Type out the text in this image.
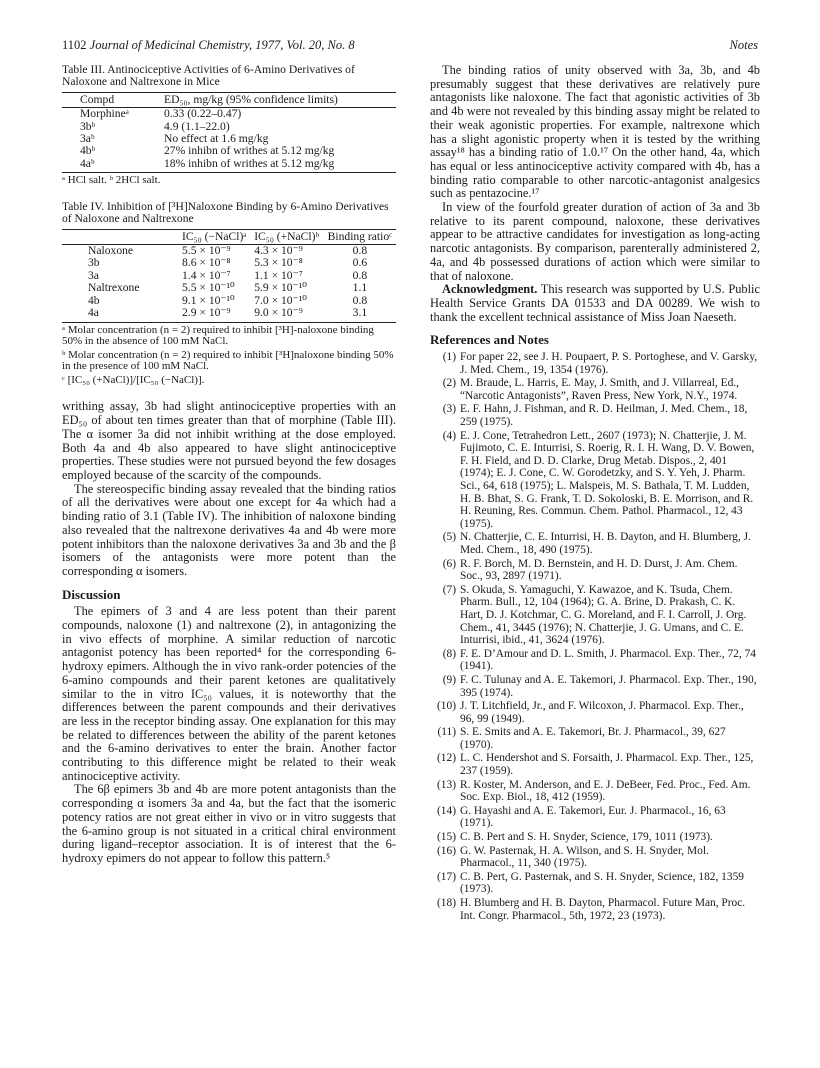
1102 Journal of Medicinal Chemistry, 1977, Vol. 20, No. 8	Notes
Table III. Antinociceptive Activities of 6-Amino Derivatives of Naloxone and Naltrexone in Mice
Compd	ED₅₀, mg/kg (95% confidence limits)
Morphineᵃ	0.33 (0.22–0.47)
3bᵇ	4.9 (1.1–22.0)
3aᵇ	No effect at 1.6 mg/kg
4bᵇ	27% inhibn of writhes at 5.12 mg/kg
4aᵇ	18% inhibn of writhes at 5.12 mg/kg
ᵃ HCl salt. ᵇ 2HCl salt.
Table IV. Inhibition of [³H]Naloxone Binding by 6-Amino Derivatives of Naloxone and Naltrexone
	IC₅₀ (−NaCl)ᵃ	IC₅₀ (+NaCl)ᵇ	Binding ratioᶜ
Naloxone	5.5 × 10⁻⁹	4.3 × 10⁻⁹	0.8
3b	8.6 × 10⁻⁸	5.3 × 10⁻⁸	0.6
3a	1.4 × 10⁻⁷	1.1 × 10⁻⁷	0.8
Naltrexone	5.5 × 10⁻¹⁰	5.9 × 10⁻¹⁰	1.1
4b	9.1 × 10⁻¹⁰	7.0 × 10⁻¹⁰	0.8
4a	2.9 × 10⁻⁹	9.0 × 10⁻⁹	3.1
ᵃ Molar concentration (n = 2) required to inhibit [³H]-naloxone binding 50% in the absence of 100 mM NaCl.
ᵇ Molar concentration (n = 2) required to inhibit [³H]naloxone binding 50% in the presence of 100 mM NaCl.
ᶜ [IC₅₀ (+NaCl)]/[IC₅₀ (−NaCl)].

writhing assay, 3b had slight antinociceptive properties with an ED₅₀ of about ten times greater than that of morphine (Table III). The α isomer 3a did not inhibit writhing at the dose employed. Both 4a and 4b also appeared to have slight antinociceptive properties. These studies were not pursued beyond the few dosages employed because of the scarcity of the compounds.

The stereospecific binding assay revealed that the binding ratios of all the derivatives were about one except for 4a which had a binding ratio of 3.1 (Table IV). The inhibition of naloxone binding also revealed that the naltrexone derivatives 4a and 4b were more potent inhibitors than the naloxone derivatives 3a and 3b and the β isomers of the antagonists were more potent than the corresponding α isomers.

Discussion

The epimers of 3 and 4 are less potent than their parent compounds, naloxone (1) and naltrexone (2), in antagonizing the in vivo effects of morphine. A similar reduction of narcotic antagonist potency has been reported⁴ for the corresponding 6-hydroxy epimers. Although the in vivo rank-order potencies of the 6-amino compounds and their parent ketones are qualitatively similar to the in vitro IC₅₀ values, it is noteworthy that the differences between the parent compounds and their derivatives are less in the receptor binding assay. One explanation for this may be related to differences between the ability of the parent ketones and the 6-amino derivatives to enter the brain. Another factor contributing to this difference might be related to their weak antinociceptive activity.

The 6β epimers 3b and 4b are more potent antagonists than the corresponding α isomers 3a and 4a, but the fact that the isomeric potency ratios are not great either in vivo or in vitro suggests that the 6-amino group is not situated in a critical chiral environment during ligand–receptor association. It is of interest that the 6-hydroxy epimers do not appear to follow this pattern.⁵

The binding ratios of unity observed with 3a, 3b, and 4b presumably suggest that these derivatives are relatively pure antagonists like naloxone. The fact that agonistic activities of 3b and 4b were not revealed by this binding assay might be related to their weak agonistic properties. For example, naltrexone which has a slight agonistic property when it is tested by the writhing assay¹⁸ has a binding ratio of 1.0.¹⁷ On the other hand, 4a, which has equal or less antinociceptive activity compared with 4b, has a binding ratio comparable to other narcotic-antagonist analgesics such as pentazocine.¹⁷

In view of the fourfold greater duration of action of 3a and 3b relative to its parent compound, naloxone, these derivatives appear to be attractive candidates for investigation as long-acting narcotic antagonists. By comparison, parenterally administered 2, 4a, and 4b possessed durations of action which were similar to that of naloxone.

Acknowledgment. This research was supported by U.S. Public Health Service Grants DA 01533 and DA 00289. We wish to thank the excellent technical assistance of Miss Joan Naeseth.

References and Notes
(1) For paper 22, see J. H. Poupaert, P. S. Portoghese, and V. Garsky, J. Med. Chem., 19, 1354 (1976).
(2) M. Braude, L. Harris, E. May, J. Smith, and J. Villarreal, Ed., “Narcotic Antagonists”, Raven Press, New York, N.Y., 1974.
(3) E. F. Hahn, J. Fishman, and R. D. Heilman, J. Med. Chem., 18, 259 (1975).
(4) E. J. Cone, Tetrahedron Lett., 2607 (1973); N. Chatterjie, J. M. Fujimoto, C. E. Inturrisi, S. Roerig, R. I. H. Wang, D. V. Bowen, F. H. Field, and D. D. Clarke, Drug Metab. Dispos., 2, 401 (1974); E. J. Cone, C. W. Gorodetzky, and S. Y. Yeh, J. Pharm. Sci., 64, 618 (1975); L. Malspeis, M. S. Bathala, T. M. Ludden, H. B. Bhat, S. G. Frank, T. D. Sokoloski, B. E. Morrison, and R. H. Reuning, Res. Commun. Chem. Pathol. Pharmacol., 12, 43 (1975).
(5) N. Chatterjie, C. E. Inturrisi, H. B. Dayton, and H. Blumberg, J. Med. Chem., 18, 490 (1975).
(6) R. F. Borch, M. D. Bernstein, and H. D. Durst, J. Am. Chem. Soc., 93, 2897 (1971).
(7) S. Okuda, S. Yamaguchi, Y. Kawazoe, and K. Tsuda, Chem. Pharm. Bull., 12, 104 (1964); G. A. Brine, D. Prakash, C. K. Hart, D. J. Kotchmar, C. G. Moreland, and F. I. Carroll, J. Org. Chem., 41, 3445 (1976); N. Chatterjie, J. G. Umans, and C. E. Inturrisi, ibid., 41, 3624 (1976).
(8) F. E. D’Amour and D. L. Smith, J. Pharmacol. Exp. Ther., 72, 74 (1941).
(9) F. C. Tulunay and A. E. Takemori, J. Pharmacol. Exp. Ther., 190, 395 (1974).
(10) J. T. Litchfield, Jr., and F. Wilcoxon, J. Pharmacol. Exp. Ther., 96, 99 (1949).
(11) S. E. Smits and A. E. Takemori, Br. J. Pharmacol., 39, 627 (1970).
(12) L. C. Hendershot and S. Forsaith, J. Pharmacol. Exp. Ther., 125, 237 (1959).
(13) R. Koster, M. Anderson, and E. J. DeBeer, Fed. Proc., Fed. Am. Soc. Exp. Biol., 18, 412 (1959).
(14) G. Hayashi and A. E. Takemori, Eur. J. Pharmacol., 16, 63 (1971).
(15) C. B. Pert and S. H. Snyder, Science, 179, 1011 (1973).
(16) G. W. Pasternak, H. A. Wilson, and S. H. Snyder, Mol. Pharmacol., 11, 340 (1975).
(17) C. B. Pert, G. Pasternak, and S. H. Snyder, Science, 182, 1359 (1973).
(18) H. Blumberg and H. B. Dayton, Pharmacol. Future Man, Proc. Int. Congr. Pharmacol., 5th, 1972, 23 (1973).
